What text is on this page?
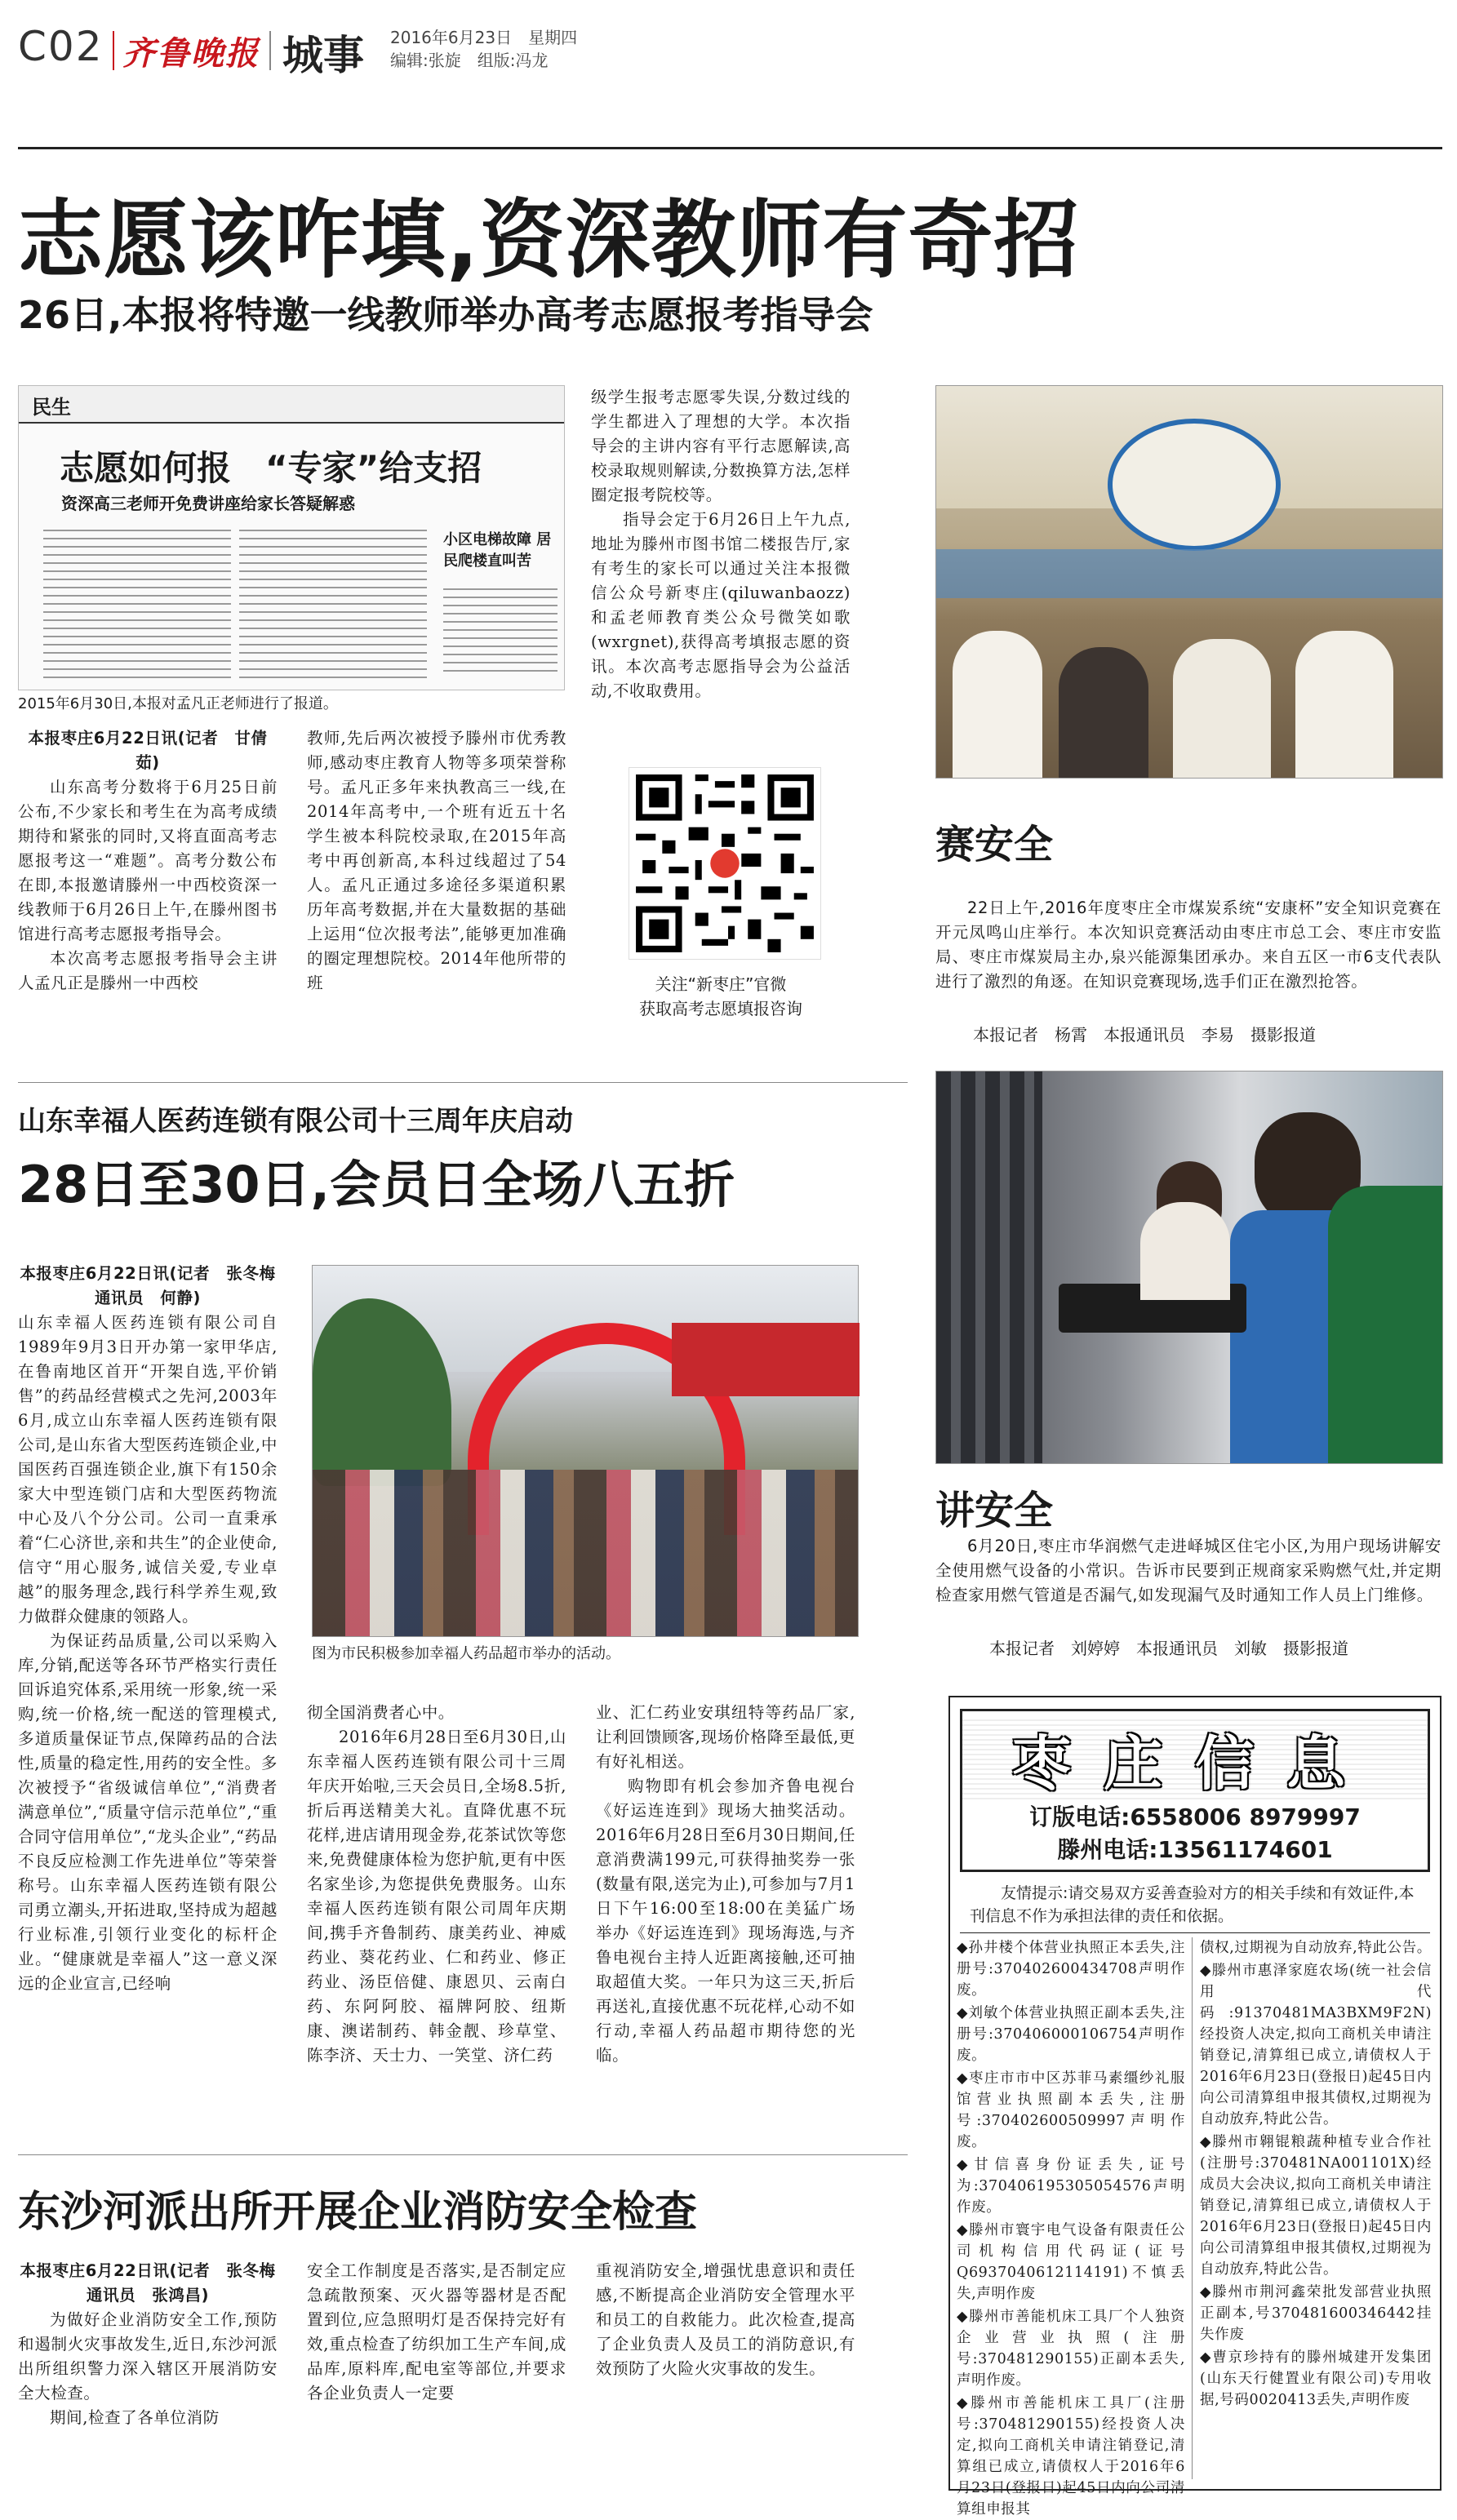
C02 齐鲁晚报 城事 2016年6月23日　星期四
编辑:张旋　组版:冯龙
志愿该咋填,资深教师有奇招
26日,本报将特邀一线教师举办高考志愿报考指导会
民生
志愿如何报　“专家”给支招
资深高三老师开免费讲座给家长答疑解惑
小区电梯故障 居民爬楼直叫苦
2015年6月30日,本报对孟凡正老师进行了报道。

本报枣庄6月22日讯(记者　甘倩茹)

山东高考分数将于6月25日前公布,不少家长和考生在为高考成绩期待和紧张的同时,又将直面高考志愿报考这一“难题”。高考分数公布在即,本报邀请滕州一中西校资深一线教师于6月26日上午,在滕州图书馆进行高考志愿报考指导会。

本次高考志愿报考指导会主讲人孟凡正是滕州一中西校

教师,先后两次被授予滕州市优秀教师,感动枣庄教育人物等多项荣誉称号。孟凡正多年来执教高三一线,在2014年高考中,一个班有近五十名学生被本科院校录取,在2015年高考中再创新高,本科过线超过了54人。孟凡正通过多途径多渠道积累历年高考数据,并在大量数据的基础上运用“位次报考法”,能够更加准确的圈定理想院校。2014年他所带的班

级学生报考志愿零失误,分数过线的学生都进入了理想的大学。本次指导会的主讲内容有平行志愿解读,高校录取规则解读,分数换算方法,怎样圈定报考院校等。

指导会定于6月26日上午九点,地址为滕州市图书馆二楼报告厅,家有考生的家长可以通过关注本报微信公众号新枣庄(qiluwanbaozz)和孟老师教育类公众号微笑如歌(wxrgnet),获得高考填报志愿的资讯。本次高考志愿指导会为公益活动,不收取费用。

关注“新枣庄”官微
获取高考志愿填报咨询
赛安全
22日上午,2016年度枣庄全市煤炭系统“安康杯”安全知识竞赛在开元凤鸣山庄举行。本次知识竞赛活动由枣庄市总工会、枣庄市安监局、枣庄市煤炭局主办,泉兴能源集团承办。来自五区一市6支代表队进行了激烈的角逐。在知识竞赛现场,选手们正在激烈抢答。
本报记者　杨霄　本报通讯员　李易　摄影报道
讲安全
6月20日,枣庄市华润燃气走进峄城区住宅小区,为用户现场讲解安全使用燃气设备的小常识。告诉市民要到正规商家采购燃气灶,并定期检查家用燃气管道是否漏气,如发现漏气及时通知工作人员上门维修。
本报记者　刘婷婷　本报通讯员　刘敏　摄影报道
山东幸福人医药连锁有限公司十三周年庆启动
28日至30日,会员日全场八五折

本报枣庄6月22日讯(记者　张冬梅　通讯员　何静)

山东幸福人医药连锁有限公司自1989年9月3日开办第一家甲华店,在鲁南地区首开“开架自选,平价销售”的药品经营模式之先河,2003年6月,成立山东幸福人医药连锁有限公司,是山东省大型医药连锁企业,中国医药百强连锁企业,旗下有150余家大中型连锁门店和大型医药物流中心及八个分公司。公司一直秉承着“仁心济世,亲和共生”的企业使命,信守“用心服务,诚信关爱,专业卓越”的服务理念,践行科学养生观,致力做群众健康的领路人。

为保证药品质量,公司以采购入库,分销,配送等各环节严格实行责任回诉追究体系,采用统一形象,统一采购,统一价格,统一配送的管理模式,多道质量保证节点,保障药品的合法性,质量的稳定性,用药的安全性。多次被授予“省级诚信单位”,“消费者满意单位”,“质量守信示范单位”,“重合同守信用单位”,“龙头企业”,“药品不良反应检测工作先进单位”等荣誉称号。山东幸福人医药连锁有限公司勇立潮头,开拓进取,坚持成为超越行业标准,引领行业变化的标杆企业。“健康就是幸福人”这一意义深远的企业宣言,已经响

图为市民积极参加幸福人药品超市举办的活动。

彻全国消费者心中。

2016年6月28日至6月30日,山东幸福人医药连锁有限公司十三周年庆开始啦,三天会员日,全场8.5折,折后再送精美大礼。直降优惠不玩花样,进店请用现金券,花茶试饮等您来,免费健康体检为您护航,更有中医名家坐诊,为您提供免费服务。山东幸福人医药连锁有限公司周年庆期间,携手齐鲁制药、康美药业、神威药业、葵花药业、仁和药业、修正药业、汤臣倍健、康恩贝、云南白药、东阿阿胶、福牌阿胶、纽斯康、澳诺制药、韩金靓、珍草堂、陈李济、天士力、一笑堂、济仁药

业、汇仁药业安琪纽特等药品厂家,让利回馈顾客,现场价格降至最低,更有好礼相送。

购物即有机会参加齐鲁电视台《好运连连到》现场大抽奖活动。2016年6月28日至6月30日期间,任意消费满199元,可获得抽奖券一张(数量有限,送完为止),可参加与7月1日下午16:00至18:00在美猛广场举办《好运连连到》现场海选,与齐鲁电视台主持人近距离接触,还可抽取超值大奖。一年只为这三天,折后再送礼,直接优惠不玩花样,心动不如行动,幸福人药品超市期待您的光临。

东沙河派出所开展企业消防安全检查

本报枣庄6月22日讯(记者　张冬梅　通讯员　张鸿昌)

为做好企业消防安全工作,预防和遏制火灾事故发生,近日,东沙河派出所组织警力深入辖区开展消防安全大检查。

期间,检查了各单位消防

安全工作制度是否落实,是否制定应急疏散预案、灭火器等器材是否配置到位,应急照明灯是否保持完好有效,重点检查了纺织加工生产车间,成品库,原料库,配电室等部位,并要求各企业负责人一定要

重视消防安全,增强忧患意识和责任感,不断提高企业消防安全管理水平和员工的自救能力。此次检查,提高了企业负责人及员工的消防意识,有效预防了火险火灾事故的发生。

枣庄信息
订版电话:6558006 8979997
滕州电话:13561174601
友情提示:请交易双方妥善查验对方的相关手续和有效证件,本刊信息不作为承担法律的责任和依据。
◆孙井楼个体营业执照正本丢失,注册号:370402600434708声明作废。
◆刘敏个体营业执照正副本丢失,注册号:370406000106754声明作废。
◆枣庄市市中区苏菲马素缰纱礼服馆营业执照副本丢失,注册号:370402600509997声明作废。
◆甘信喜身份证丢失,证号为:370406195305054576声明作废。
◆滕州市寰宇电气设备有限责任公司机构信用代码证(证号Q6937040612114191)不慎丢失,声明作废
◆滕州市善能机床工具厂个人独资企业营业执照(注册号:370481290155)正副本丢失,声明作废。
◆滕州市善能机床工具厂(注册号:370481290155)经投资人决定,拟向工商机关申请注销登记,清算组已成立,请债权人于2016年6月23日(登报日)起45日内向公司清算组申报其
债权,过期视为自动放弃,特此公告。
◆滕州市惠泽家庭农场(统一社会信用代码:91370481MA3BXM9F2N)经投资人决定,拟向工商机关申请注销登记,清算组已成立,请债权人于2016年6月23日(登报日)起45日内向公司清算组申报其债权,过期视为自动放弃,特此公告。
◆滕州市翱锟粮蔬种植专业合作社(注册号:370481NA001101X)经成员大会决议,拟向工商机关申请注销登记,清算组已成立,请债权人于2016年6月23日(登报日)起45日内向公司清算组申报其债权,过期视为自动放弃,特此公告。
◆滕州市荆河鑫荣批发部营业执照正副本,号370481600346442挂失作废
◆曹京珍持有的滕州城建开发集团(山东天行健置业有限公司)专用收据,号码0020413丢失,声明作废
